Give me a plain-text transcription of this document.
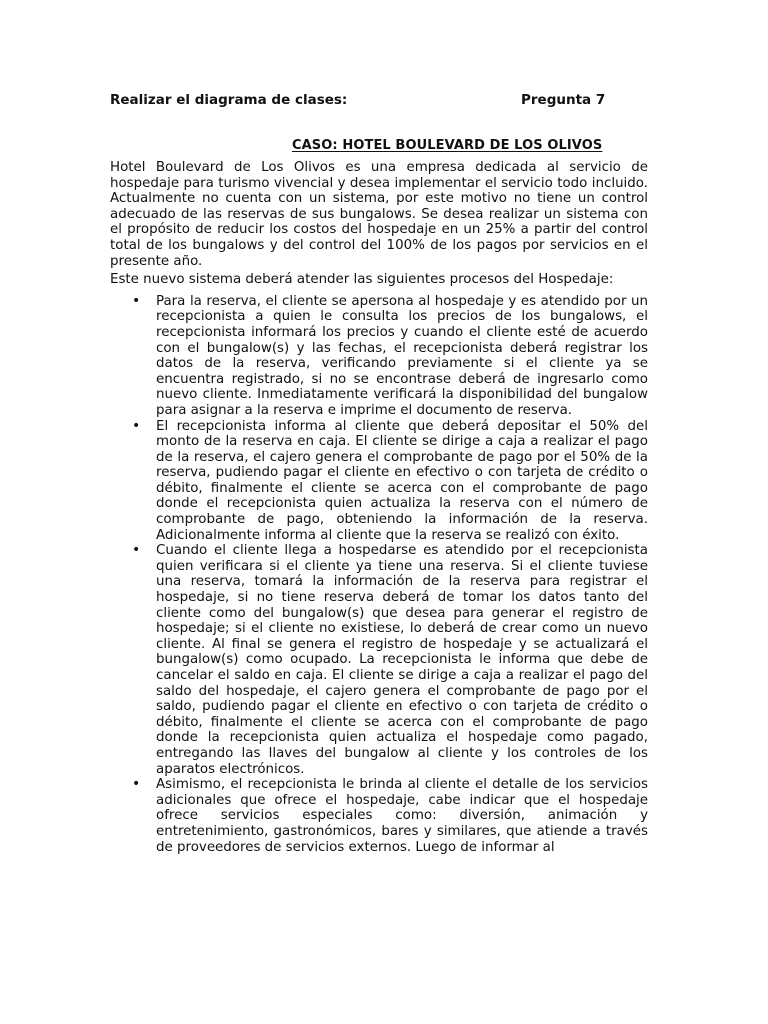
Realizar el diagrama de clases:	Pregunta 7
CASO: HOTEL BOULEVARD DE LOS OLIVOS

Hotel Boulevard de Los Olivos es una empresa dedicada al servicio de hospedaje para turismo vivencial y desea implementar el servicio todo incluido. Actualmente no cuenta con un sistema, por este motivo no tiene un control adecuado de las reservas de sus bungalows. Se desea realizar un sistema con el propósito de reducir los costos del hospedaje en un 25% a partir del control total de los bungalows y del control del 100% de los pagos por servicios en el presente año.

Este nuevo sistema deberá atender las siguientes procesos del Hospedaje:

• Para la reserva, el cliente se apersona al hospedaje y es atendido por un recepcionista a quien le consulta los precios de los bungalows, el recepcionista informará los precios y cuando el cliente esté de acuerdo con el bungalow(s) y las fechas, el recepcionista deberá registrar los datos de la reserva, verificando previamente si el cliente ya se encuentra registrado, si no se encontrase deberá de ingresarlo como nuevo cliente. Inmediatamente verificará la disponibilidad del bungalow para asignar a la reserva e imprime el documento de reserva.
• El recepcionista informa al cliente que deberá depositar el 50% del monto de la reserva en caja. El cliente se dirige a caja a realizar el pago de la reserva, el cajero genera el comprobante de pago por el 50% de la reserva, pudiendo pagar el cliente en efectivo o con tarjeta de crédito o débito, finalmente el cliente se acerca con el comprobante de pago donde el recepcionista quien actualiza la reserva con el número de comprobante de pago, obteniendo la información de la reserva. Adicionalmente informa al cliente que la reserva se realizó con éxito.
• Cuando el cliente llega a hospedarse es atendido por el recepcionista quien verificara si el cliente ya tiene una reserva. Si el cliente tuviese una reserva, tomará la información de la reserva para registrar el hospedaje, si no tiene reserva deberá de tomar los datos tanto del cliente como del bungalow(s) que desea para generar el registro de hospedaje; si el cliente no existiese, lo deberá de crear como un nuevo cliente. Al final se genera el registro de hospedaje y se actualizará el bungalow(s) como ocupado. La recepcionista le informa que debe de cancelar el saldo en caja. El cliente se dirige a caja a realizar el pago del saldo del hospedaje, el cajero genera el comprobante de pago por el saldo, pudiendo pagar el cliente en efectivo o con tarjeta de crédito o débito, finalmente el cliente se acerca con el comprobante de pago donde la recepcionista quien actualiza el hospedaje como pagado, entregando las llaves del bungalow al cliente y los controles de los aparatos electrónicos.
• Asimismo, el recepcionista le brinda al cliente el detalle de los servicios adicionales que ofrece el hospedaje, cabe indicar que el hospedaje ofrece servicios especiales como: diversión, animación y entretenimiento, gastronómicos, bares y similares, que atiende a través de proveedores de servicios externos. Luego de informar al
